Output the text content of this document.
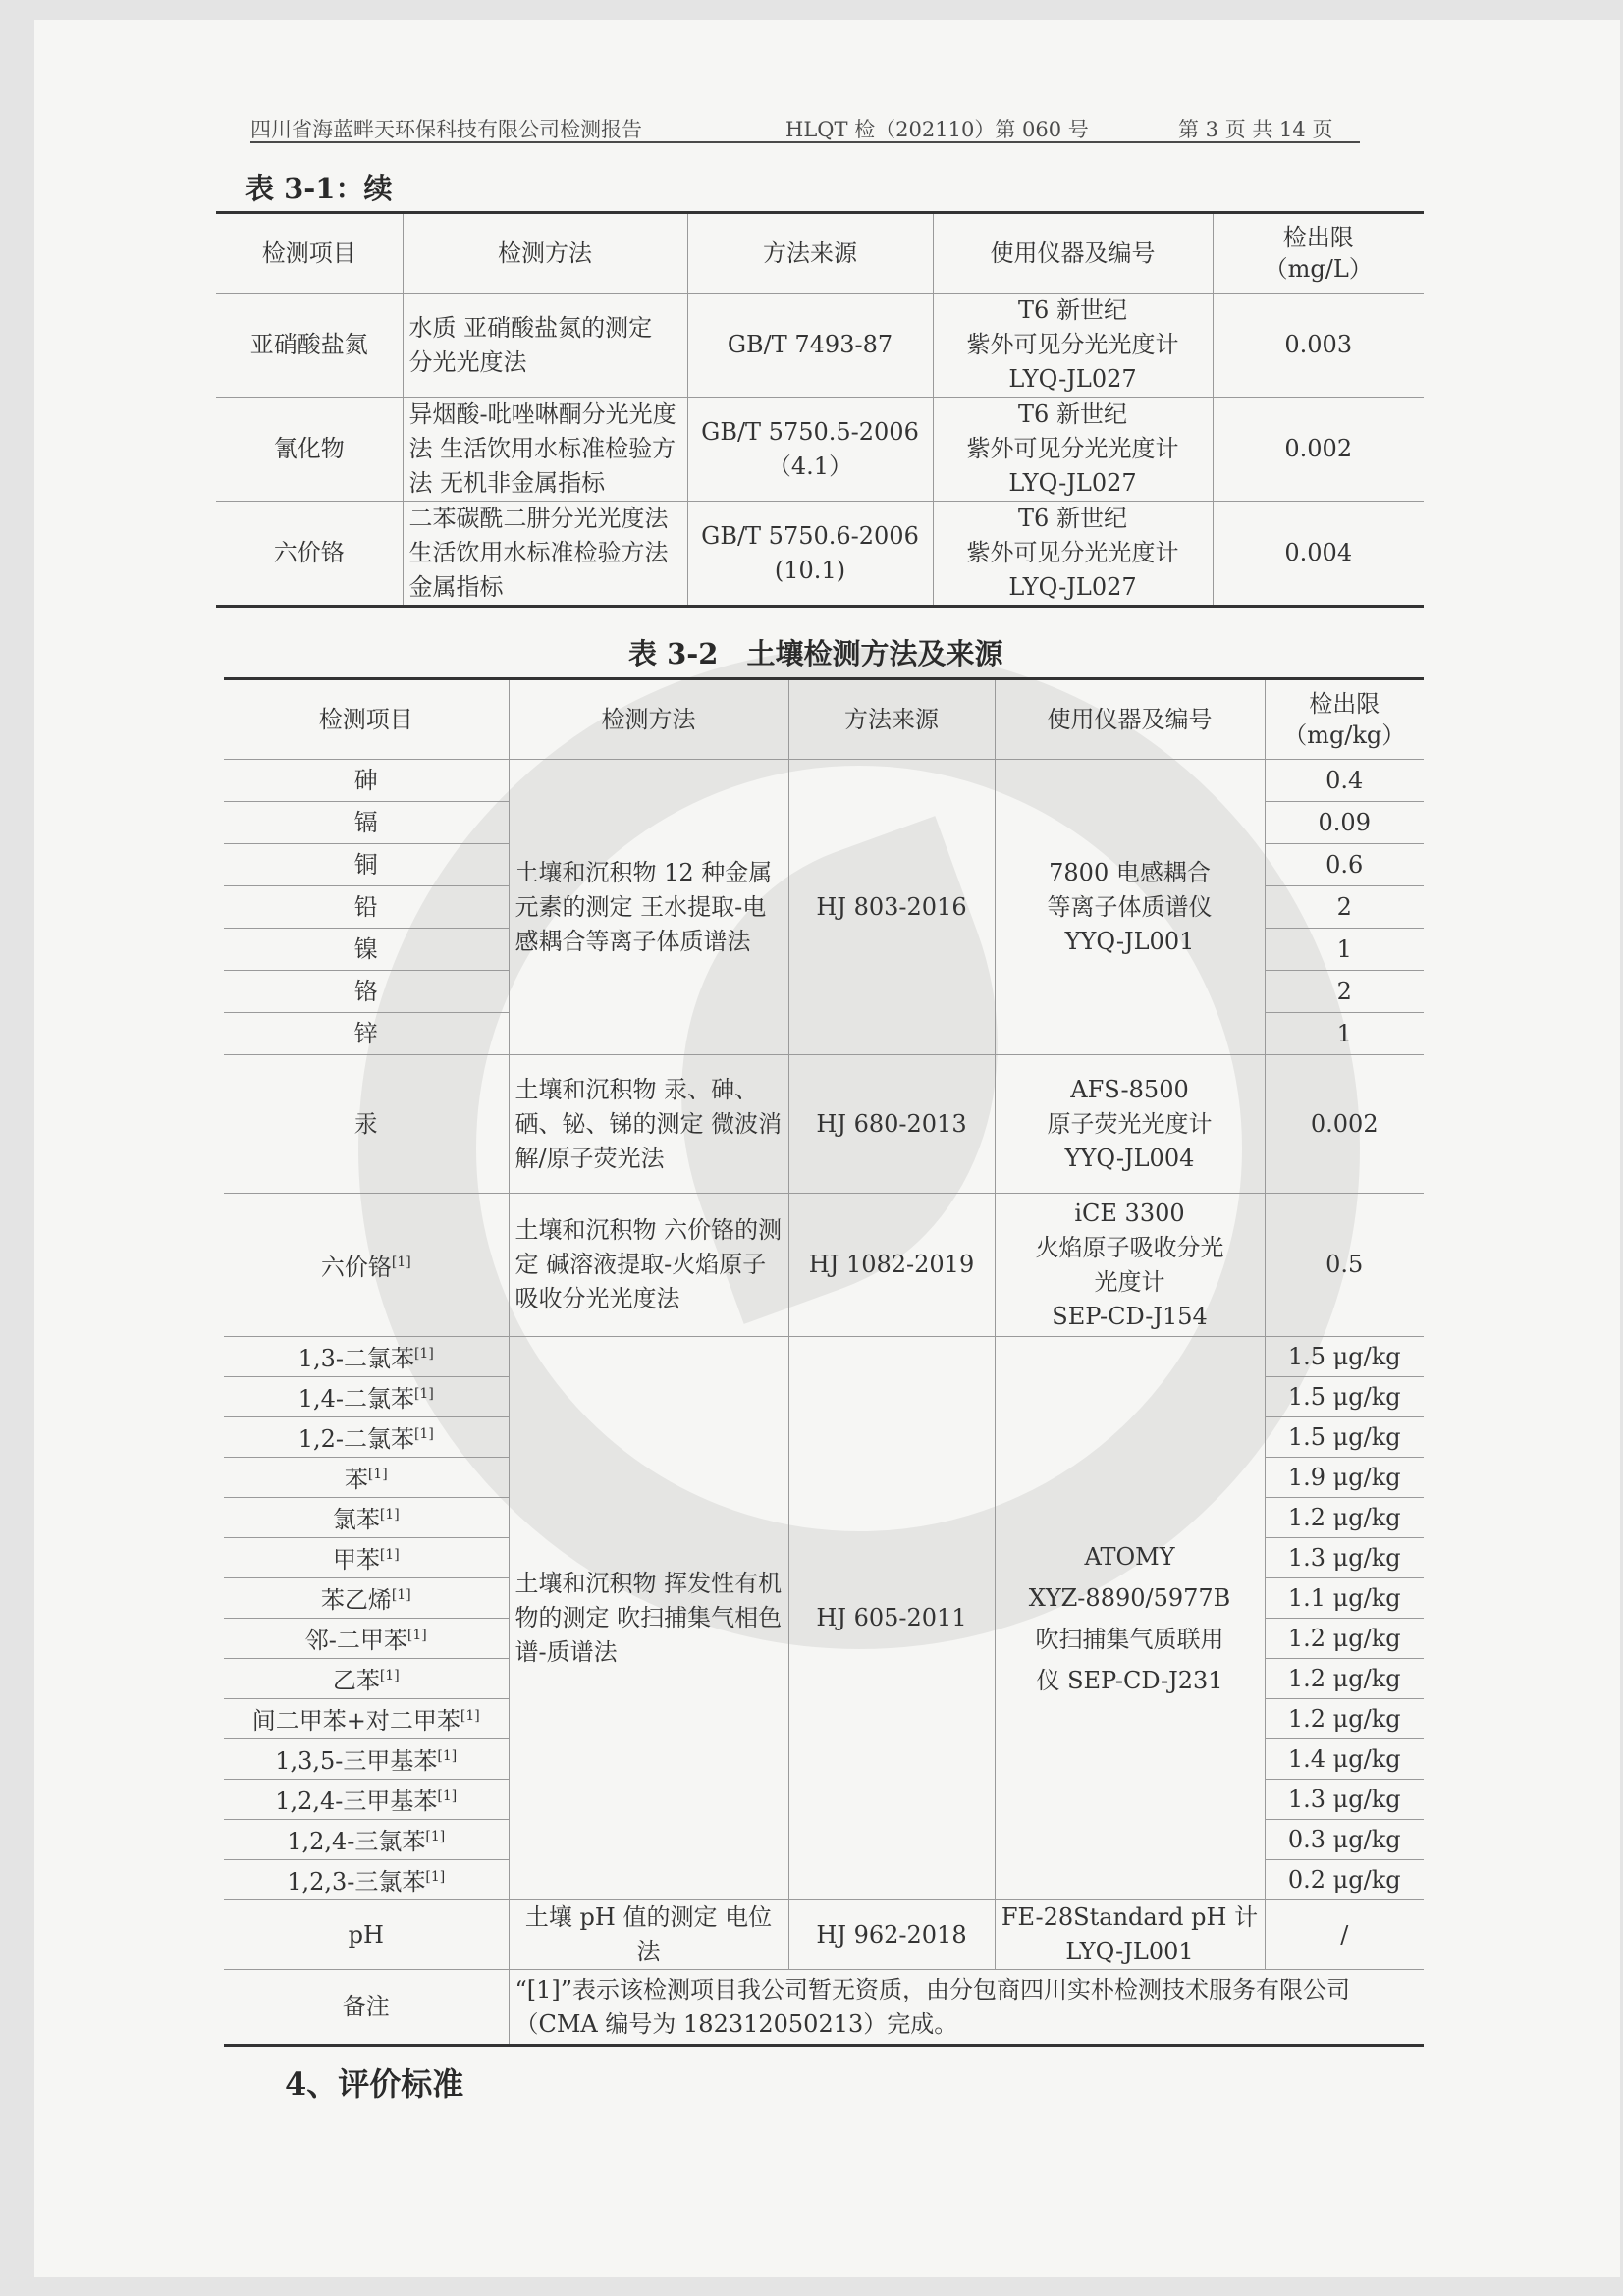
四川省海蓝畔天环保科技有限公司检测报告	HLQT 检（202110）第 060 号	第 3 页 共 14 页

表 3-1：续
检测项目	检测方法	方法来源	使用仪器及编号	检出限
（mg/L）
亚硝酸盐氮	水质 亚硝酸盐氮的测定 分光光度法	GB/T 7493-87	T6 新世纪
紫外可见分光光度计
LYQ-JL027	0.003
氰化物	异烟酸-吡唑啉酮分光光度法 生活饮用水标准检验方法 无机非金属指标	GB/T 5750.5-2006
（4.1）	T6 新世纪
紫外可见分光光度计
LYQ-JL027	0.002
六价铬	二苯碳酰二肼分光光度法生活饮用水标准检验方法金属指标	GB/T 5750.6-2006
(10.1)	T6 新世纪
紫外可见分光光度计
LYQ-JL027	0.004
表 3-2　土壤检测方法及来源
检测项目	检测方法	方法来源	使用仪器及编号	检出限
（mg/kg）
砷	土壤和沉积物 12 种金属元素的测定 王水提取-电感耦合等离子体质谱法	HJ 803-2016	7800 电感耦合
等离子体质谱仪
YYQ-JL001	0.4
镉				0.09
铜				0.6
铅				2
镍				1
铬				2
锌				1
汞	土壤和沉积物 汞、砷、硒、铋、锑的测定 微波消解/原子荧光法	HJ 680-2013	AFS-8500
原子荧光光度计
YYQ-JL004	0.002
六价铬[1]	土壤和沉积物 六价铬的测定 碱溶液提取-火焰原子吸收分光光度法	HJ 1082-2019	iCE 3300
火焰原子吸收分光
光度计
SEP-CD-J154	0.5
1,3-二氯苯[1]	土壤和沉积物 挥发性有机物的测定 吹扫捕集气相色谱-质谱法	HJ 605-2011	ATOMY
XYZ-8890/5977B
吹扫捕集气质联用
仪 SEP-CD-J231	1.5 μg/kg
1,4-二氯苯[1]				1.5 μg/kg
1,2-二氯苯[1]				1.5 μg/kg
苯[1]				1.9 μg/kg
氯苯[1]				1.2 μg/kg
甲苯[1]				1.3 μg/kg
苯乙烯[1]				1.1 μg/kg
邻-二甲苯[1]				1.2 μg/kg
乙苯[1]				1.2 μg/kg
间二甲苯+对二甲苯[1]				1.2 μg/kg
1,3,5-三甲基苯[1]				1.4 μg/kg
1,2,4-三甲基苯[1]				1.3 μg/kg
1,2,4-三氯苯[1]				0.3 μg/kg
1,2,3-三氯苯[1]				0.2 μg/kg
pH	土壤 pH 值的测定 电位法	HJ 962-2018	FE-28Standard pH 计
LYQ-JL001	/
备注	“[1]”表示该检测项目我公司暂无资质，由分包商四川实朴检测技术服务有限公司（CMA 编号为 182312050213）完成。			
4、评价标准
